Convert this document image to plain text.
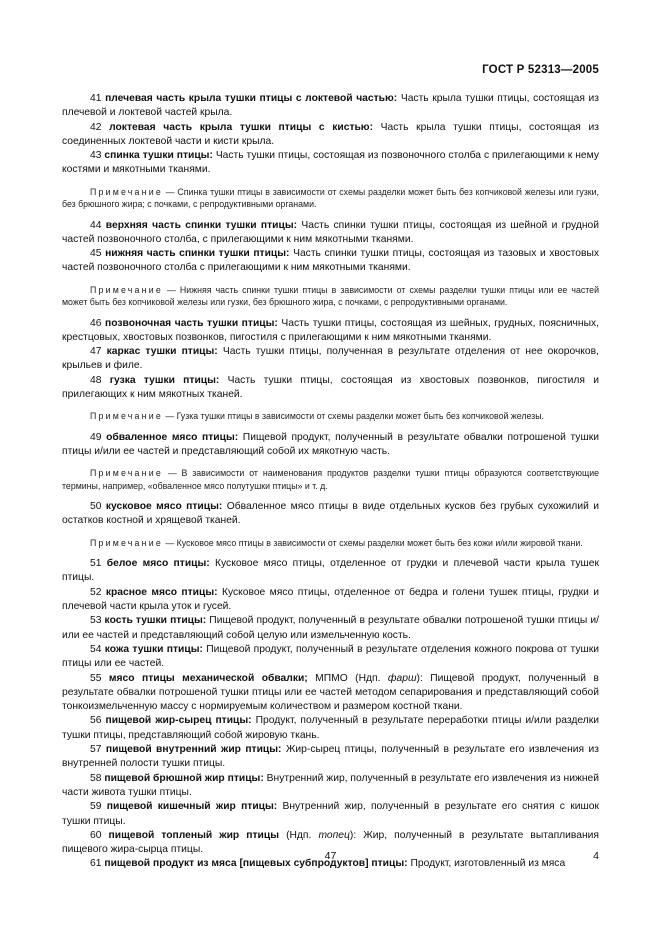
ГОСТ Р 52313—2005

41 плечевая часть крыла тушки птицы с локтевой частью: Часть крыла тушки птицы, состоящая из плечевой и локтевой частей крыла.

42 локтевая часть крыла тушки птицы с кистью: Часть крыла тушки птицы, состоящая из соединенных локтевой части и кисти крыла.

43 спинка тушки птицы: Часть тушки птицы, состоящая из позвоночного столба с прилегающими к нему костями и мякотными тканями.

Примечание — Спинка тушки птицы в зависимости от схемы разделки может быть без копчиковой железы или гузки, без брюшного жира; с почками, с репродуктивными органами.

44 верхняя часть спинки тушки птицы: Часть спинки тушки птицы, состоящая из шейной и грудной частей позвоночного столба, с прилегающими к ним мякотными тканями.

45 нижняя часть спинки тушки птицы: Часть спинки тушки птицы, состоящая из тазовых и хвостовых частей позвоночного столба с прилегающими к ним мякотными тканями.

Примечание — Нижняя часть спинки тушки птицы в зависимости от схемы разделки тушки птицы или ее частей может быть без копчиковой железы или гузки, без брюшного жира, с почками, с репродуктивными органами.

46 позвоночная часть тушки птицы: Часть тушки птицы, состоящая из шейных, грудных, поясничных, крестцовых, хвостовых позвонков, пигостиля с прилегающими к ним мякотными тканями.

47 каркас тушки птицы: Часть тушки птицы, полученная в результате отделения от нее окорочков, крыльев и филе.

48 гузка тушки птицы: Часть тушки птицы, состоящая из хвостовых позвонков, пигостиля и прилегающих к ним мякотных тканей.

Примечание — Гузка тушки птицы в зависимости от схемы разделки может быть без копчиковой железы.

49 обваленное мясо птицы: Пищевой продукт, полученный в результате обвалки потрошеной тушки птицы и/или ее частей и представляющий собой их мякотную часть.

Примечание — В зависимости от наименования продуктов разделки тушки птицы образуются соответствующие термины, например, «обваленное мясо полутушки птицы» и т. д.

50 кусковое мясо птицы: Обваленное мясо птицы в виде отдельных кусков без грубых сухожилий и остатков костной и хрящевой тканей.

Примечание — Кусковое мясо птицы в зависимости от схемы разделки может быть без кожи и/или жировой ткани.

51 белое мясо птицы: Кусковое мясо птицы, отделенное от грудки и плечевой части крыла тушек птицы.

52 красное мясо птицы: Кусковое мясо птицы, отделенное от бедра и голени тушек птицы, грудки и плечевой части крыла уток и гусей.

53 кость тушки птицы: Пищевой продукт, полученный в результате обвалки потрошеной тушки птицы и/или ее частей и представляющий собой целую или измельченную кость.

54 кожа тушки птицы: Пищевой продукт, полученный в результате отделения кожного покрова от тушки птицы или ее частей.

55 мясо птицы механической обвалки; МПМО (Ндп. фарш): Пищевой продукт, полученный в результате обвалки потрошеной тушки птицы или ее частей методом сепарирования и представляющий собой тонкоизмельченную массу с нормируемым количеством и размером костной ткани.

56 пищевой жир-сырец птицы: Продукт, полученный в результате переработки птицы и/или разделки тушки птицы, представляющий собой жировую ткань.

57 пищевой внутренний жир птицы: Жир-сырец птицы, полученный в результате его извлечения из внутренней полости тушки птицы.

58 пищевой брюшной жир птицы: Внутренний жир, полученный в результате его извлечения из нижней части живота тушки птицы.

59 пищевой кишечный жир птицы: Внутренний жир, полученный в результате его снятия с кишок тушки птицы.

60 пищевой топленый жир птицы (Ндп. топец): Жир, полученный в результате вытапливания пищевого жира-сырца птицы.

61 пищевой продукт из мяса [пищевых субпродуктов] птицы: Продукт, изготовленный из мяса

47	4
